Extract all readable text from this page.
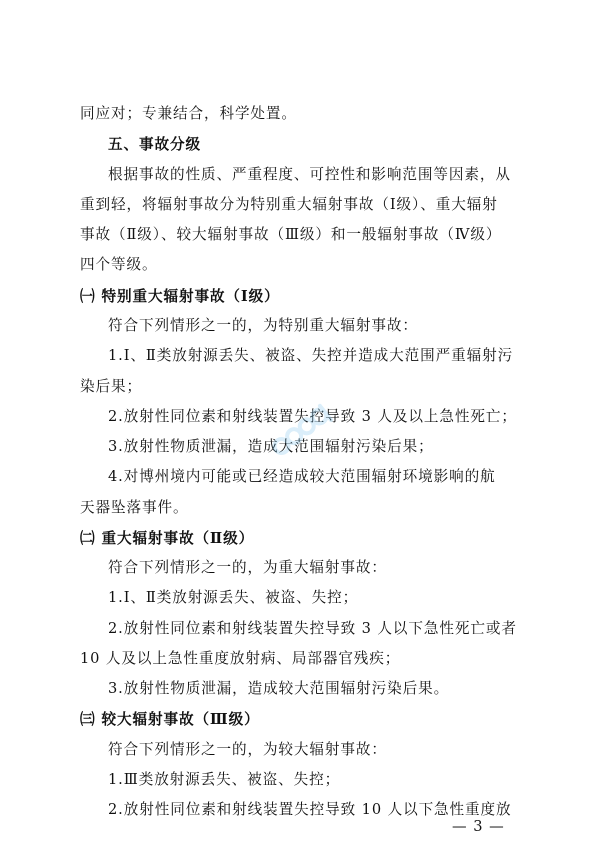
同应对；专兼结合，科学处置。
五、事故分级
根据事故的性质、严重程度、可控性和影响范围等因素，从
重到轻，将辐射事故分为特别重大辐射事故（Ⅰ级）、重大辐射
事故（Ⅱ级）、较大辐射事故（Ⅲ级）和一般辐射事故（Ⅳ级）
四个等级。
㈠ 特别重大辐射事故（Ⅰ级）
符合下列情形之一的，为特别重大辐射事故：
1.Ⅰ、Ⅱ类放射源丢失、被盗、失控并造成大范围严重辐射污
染后果；
2.放射性同位素和射线装置失控导致 3 人及以上急性死亡；
3.放射性物质泄漏，造成大范围辐射污染后果；
4.对博州境内可能或已经造成较大范围辐射环境影响的航
天器坠落事件。
㈡ 重大辐射事故（Ⅱ级）
符合下列情形之一的，为重大辐射事故：
1.Ⅰ、Ⅱ类放射源丢失、被盗、失控；
2.放射性同位素和射线装置失控导致 3 人以下急性死亡或者
10 人及以上急性重度放射病、局部器官残疾；
3.放射性物质泄漏，造成较大范围辐射污染后果。
㈢ 较大辐射事故（Ⅲ级）
符合下列情形之一的，为较大辐射事故：
1.Ⅲ类放射源丢失、被盗、失控；
2.放射性同位素和射线装置失控导致 10 人以下急性重度放
— 3 —
